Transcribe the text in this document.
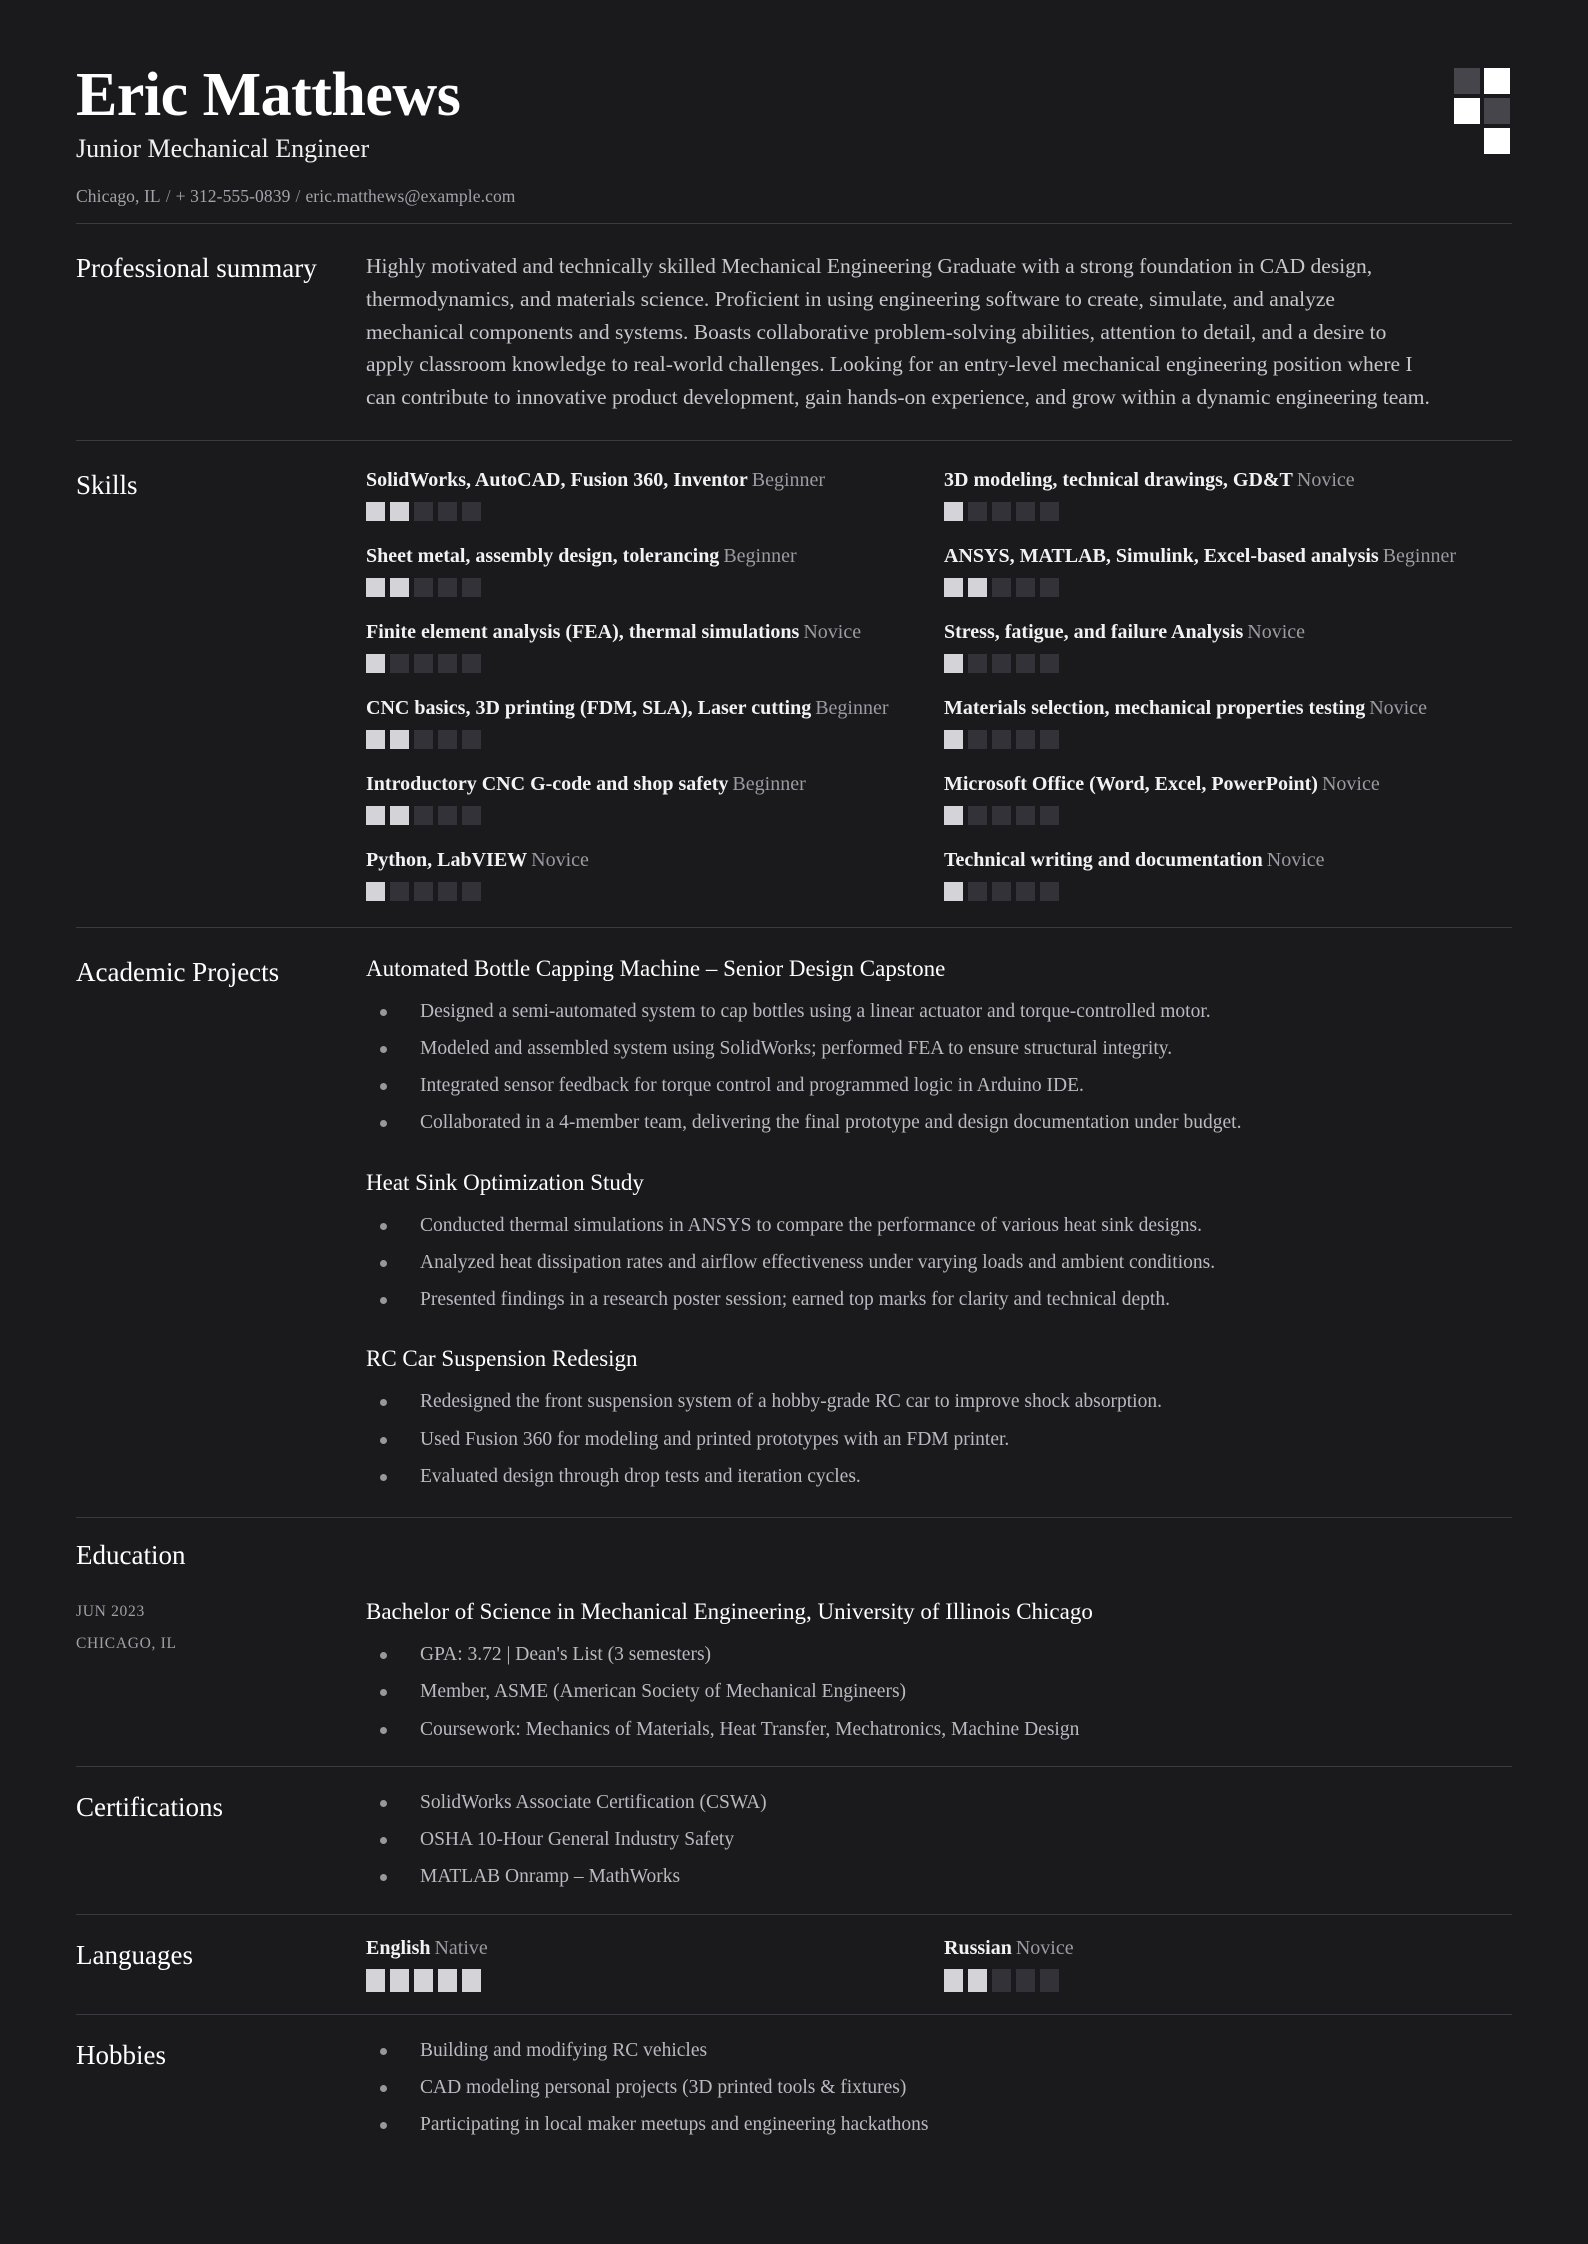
Eric Matthews
Junior Mechanical Engineer
Chicago, IL / + 312-555-0839 / eric.matthews@example.com
Professional summary	Highly motivated and technically skilled Mechanical Engineering Graduate with a strong foundation in CAD design, thermodynamics, and materials science. Proficient in using engineering software to create, simulate, and analyze mechanical components and systems. Boasts collaborative problem-solving abilities, attention to detail, and a desire to apply classroom knowledge to real-world challenges. Looking for an entry-level mechanical engineering position where I can contribute to innovative product development, gain hands-on experience, and grow within a dynamic engineering team.
Skills	SolidWorks, AutoCAD, Fusion 360, Inventor Beginner	3D modeling, technical drawings, GD&T Novice
Sheet metal, assembly design, tolerancing Beginner	ANSYS, MATLAB, Simulink, Excel-based analysis Beginner
Finite element analysis (FEA), thermal simulations Novice	Stress, fatigue, and failure Analysis Novice
CNC basics, 3D printing (FDM, SLA), Laser cutting Beginner	Materials selection, mechanical properties testing Novice
Introductory CNC G-code and shop safety Beginner	Microsoft Office (Word, Excel, PowerPoint) Novice
Python, LabVIEW Novice	Technical writing and documentation Novice
Academic Projects	Automated Bottle Capping Machine – Senior Design Capstone
Designed a semi-automated system to cap bottles using a linear actuator and torque-controlled motor.
Modeled and assembled system using SolidWorks; performed FEA to ensure structural integrity.
Integrated sensor feedback for torque control and programmed logic in Arduino IDE.
Collaborated in a 4-member team, delivering the final prototype and design documentation under budget.
Heat Sink Optimization Study
Conducted thermal simulations in ANSYS to compare the performance of various heat sink designs.
Analyzed heat dissipation rates and airflow effectiveness under varying loads and ambient conditions.
Presented findings in a research poster session; earned top marks for clarity and technical depth.
RC Car Suspension Redesign
Redesigned the front suspension system of a hobby-grade RC car to improve shock absorption.
Used Fusion 360 for modeling and printed prototypes with an FDM printer.
Evaluated design through drop tests and iteration cycles.
Education
JUN 2023
CHICAGO, IL
Bachelor of Science in Mechanical Engineering, University of Illinois Chicago
GPA: 3.72 | Dean's List (3 semesters)
Member, ASME (American Society of Mechanical Engineers)
Coursework: Mechanics of Materials, Heat Transfer, Mechatronics, Machine Design
Certifications	SolidWorks Associate Certification (CSWA)
OSHA 10-Hour General Industry Safety
MATLAB Onramp – MathWorks
Languages	English Native	Russian Novice
Hobbies	Building and modifying RC vehicles
CAD modeling personal projects (3D printed tools & fixtures)
Participating in local maker meetups and engineering hackathons
